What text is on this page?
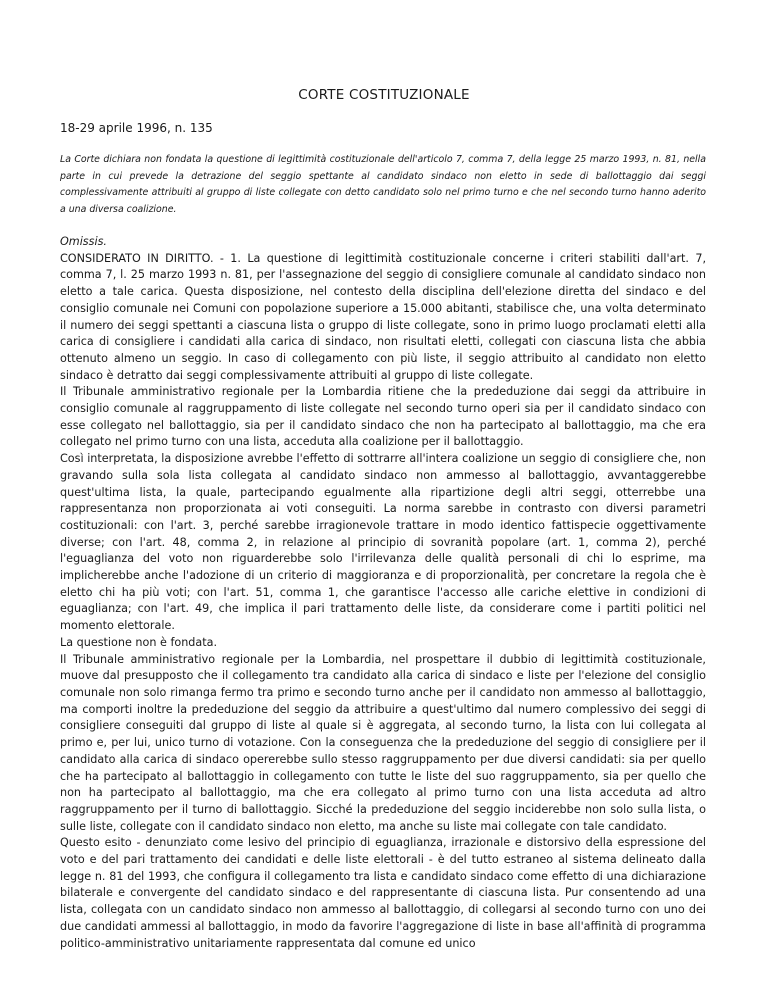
CORTE COSTITUZIONALE
18-29 aprile 1996, n. 135
La Corte dichiara non fondata la questione di legittimità costituzionale dell'articolo 7, comma 7, della legge 25 marzo 1993, n. 81, nella parte in cui prevede la detrazione del seggio spettante al candidato sindaco non eletto in sede di ballottaggio dai seggi complessivamente attribuiti al gruppo di liste collegate con detto candidato solo nel primo turno e che nel secondo turno hanno aderito a una diversa coalizione.

Omissis.

CONSIDERATO IN DIRITTO. - 1. La questione di legittimità costituzionale concerne i criteri stabiliti dall'art. 7, comma 7, l. 25 marzo 1993 n. 81, per l'assegnazione del seggio di consigliere comunale al candidato sindaco non eletto a tale carica. Questa disposizione, nel contesto della disciplina dell'elezione diretta del sindaco e del consiglio comunale nei Comuni con popolazione superiore a 15.000 abitanti, stabilisce che, una volta determinato il numero dei seggi spettanti a ciascuna lista o gruppo di liste collegate, sono in primo luogo proclamati eletti alla carica di consigliere i candidati alla carica di sindaco, non risultati eletti, collegati con ciascuna lista che abbia ottenuto almeno un seggio. In caso di collegamento con più liste, il seggio attribuito al candidato non eletto sindaco è detratto dai seggi complessivamente attribuiti al gruppo di liste collegate.

Il Tribunale amministrativo regionale per la Lombardia ritiene che la prededuzione dai seggi da attribuire in consiglio comunale al raggruppamento di liste collegate nel secondo turno operi sia per il candidato sindaco con esse collegato nel ballottaggio, sia per il candidato sindaco che non ha partecipato al ballottaggio, ma che era collegato nel primo turno con una lista, acceduta alla coalizione per il ballottaggio.

Così interpretata, la disposizione avrebbe l'effetto di sottrarre all'intera coalizione un seggio di consigliere che, non gravando sulla sola lista collegata al candidato sindaco non ammesso al ballottaggio, avvantaggerebbe quest'ultima lista, la quale, partecipando egualmente alla ripartizione degli altri seggi, otterrebbe una rappresentanza non proporzionata ai voti conseguiti. La norma sarebbe in contrasto con diversi parametri costituzionali: con l'art. 3, perché sarebbe irragionevole trattare in modo identico fattispecie oggettivamente diverse; con l'art. 48, comma 2, in relazione al principio di sovranità popolare (art. 1, comma 2), perché l'eguaglianza del voto non riguarderebbe solo l'irrilevanza delle qualità personali di chi lo esprime, ma implicherebbe anche l'adozione di un criterio di maggioranza e di proporzionalità, per concretare la regola che è eletto chi ha più voti; con l'art. 51, comma 1, che garantisce l'accesso alle cariche elettive in condizioni di eguaglianza; con l'art. 49, che implica il pari trattamento delle liste, da considerare come i partiti politici nel momento elettorale.

La questione non è fondata.

Il Tribunale amministrativo regionale per la Lombardia, nel prospettare il dubbio di legittimità costituzionale, muove dal presupposto che il collegamento tra candidato alla carica di sindaco e liste per l'elezione del consiglio comunale non solo rimanga fermo tra primo e secondo turno anche per il candidato non ammesso al ballottaggio, ma comporti inoltre la prededuzione del seggio da attribuire a quest'ultimo dal numero complessivo dei seggi di consigliere conseguiti dal gruppo di liste al quale si è aggregata, al secondo turno, la lista con lui collegata al primo e, per lui, unico turno di votazione. Con la conseguenza che la prededuzione del seggio di consigliere per il candidato alla carica di sindaco opererebbe sullo stesso raggruppamento per due diversi candidati: sia per quello che ha partecipato al ballottaggio in collegamento con tutte le liste del suo raggruppamento, sia per quello che non ha partecipato al ballottaggio, ma che era collegato al primo turno con una lista acceduta ad altro raggruppamento per il turno di ballottaggio. Sicché la prededuzione del seggio inciderebbe non solo sulla lista, o sulle liste, collegate con il candidato sindaco non eletto, ma anche su liste mai collegate con tale candidato.

Questo esito - denunziato come lesivo del principio di eguaglianza, irrazionale e distorsivo della espressione del voto e del pari trattamento dei candidati e delle liste elettorali - è del tutto estraneo al sistema delineato dalla legge n. 81 del 1993, che configura il collegamento tra lista e candidato sindaco come effetto di una dichiarazione bilaterale e convergente del candidato sindaco e del rappresentante di ciascuna lista. Pur consentendo ad una lista, collegata con un candidato sindaco non ammesso al ballottaggio, di collegarsi al secondo turno con uno dei due candidati ammessi al ballottaggio, in modo da favorire l'aggregazione di liste in base all'affinità di programma politico-amministrativo unitariamente rappresentata dal comune ed unico
